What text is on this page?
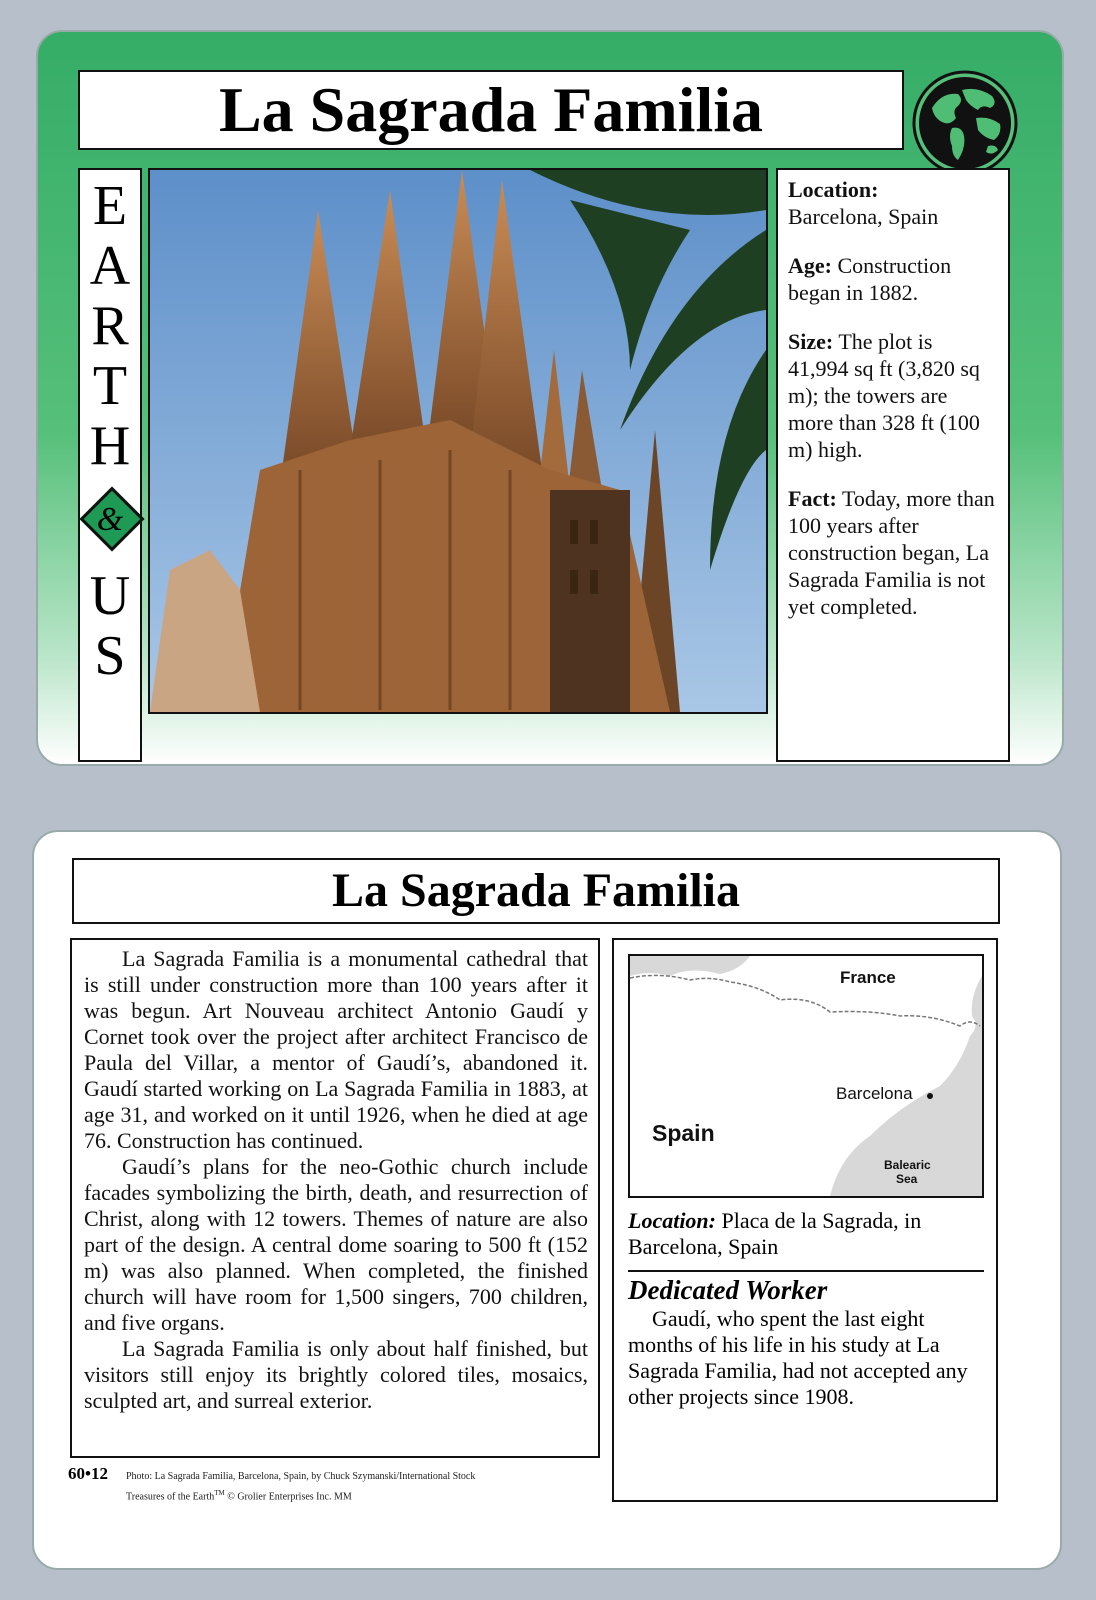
La Sagrada Familia
E
A
R
T
H
&
U
S

Location:
Barcelona, Spain

Age: Construction began in 1882.

Size: The plot is 41,994 sq ft (3,820 sq m); the towers are more than 328 ft (100 m) high.

Fact: Today, more than 100 years after construction began, La Sagrada Familia is not yet completed.

La Sagrada Familia

La Sagrada Familia is a monumental cathedral that is still under construction more than 100 years after it was begun. Art Nouveau architect Antonio Gaudí y Cornet took over the project after architect Francisco de Paula del Villar, a mentor of Gaudí’s, abandoned it. Gaudí started working on La Sagrada Familia in 1883, at age 31, and worked on it until 1926, when he died at age 76. Construction has continued.

Gaudí’s plans for the neo-Gothic church include facades symbolizing the birth, death, and resurrection of Christ, along with 12 towers. Themes of nature are also part of the design. A central dome soaring to 500 ft (152 m) was also planned. When completed, the finished church will have room for 1,500 singers, 700 children, and five organs.

La Sagrada Familia is only about half finished, but visitors still enjoy its brightly colored tiles, mosaics, sculpted art, and surreal exterior.

France
Barcelona
Spain
Balearic
Sea
Location: Placa de la Sagrada, in Barcelona, Spain
Dedicated Worker
Gaudí, who spent the last eight months of his life in his study at La Sagrada Familia, had not accepted any other projects since 1908.
60•12 Photo: La Sagrada Familia, Barcelona, Spain, by Chuck Szymanski/International Stock
Treasures of the Earth™ © Grolier Enterprises Inc. MM
